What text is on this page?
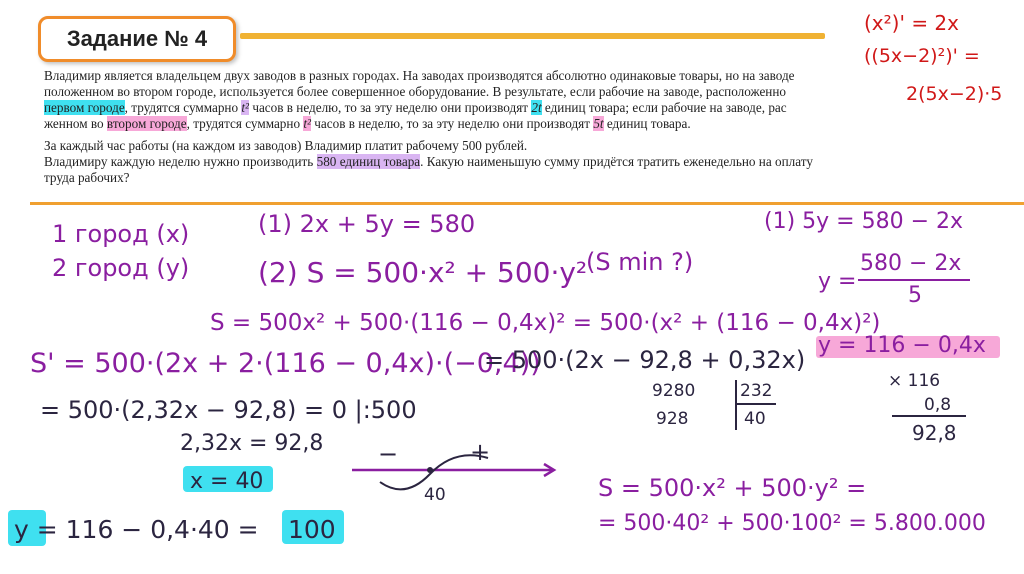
Задание № 4

Владимир является владельцем двух заводов в разных городах. На заводах производятся абсолютно одинаковые товары, но на заводе

положенном во втором городе, используется более совершенное оборудование. В результате, если рабочие на заводе, расположенно

первом городе, трудятся суммарно t² часов в неделю, то за эту неделю они производят 2t единиц товара; если рабочие на заводе, рас

женном во втором городе, трудятся суммарно t² часов в неделю, то за эту неделю они производят 5t единиц товара.

За каждый час работы (на каждом из заводов) Владимир платит рабочему 500 рублей.

Владимиру каждую неделю нужно производить 580 единиц товара. Какую наименьшую сумму придётся тратить еженедельно на оплату

труда рабочих?

(x²)' = 2x
((5x−2)²)' =
2(5x−2)·5
1 город (x)
2 город (y)
(1) 2x + 5y = 580
(2) S = 500·x² + 500·y²
(S min ?)
S = 500x² + 500·(116 − 0,4x)² = 500·(x² + (116 − 0,4x)²)
S' = 500·(2x + 2·(116 − 0,4x)·(−0,4))
= 500·(2x − 92,8 + 0,32x)
= 500·(2,32x − 92,8) = 0 |:500
2,32x = 92,8
x = 40
9280
928
232
40
× 116
0,8
92,8
−	+
40
y = 116 − 0,4·40 = 100
(1) 5y = 580 − 2x
y =
580 − 2x
5
y = 116 − 0,4x
S = 500·x² + 500·y² =
= 500·40² + 500·100² = 5.800.000
